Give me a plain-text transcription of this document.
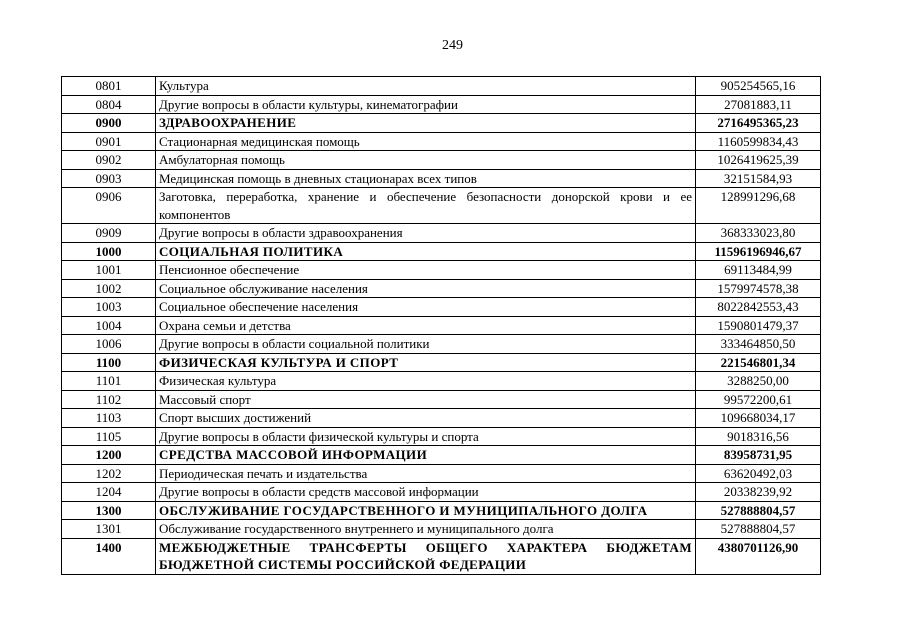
249
0801	Культура	905254565,16
0804	Другие вопросы в области культуры, кинематографии	27081883,11
0900	ЗДРАВООХРАНЕНИЕ	2716495365,23
0901	Стационарная медицинская помощь	1160599834,43
0902	Амбулаторная помощь	1026419625,39
0903	Медицинская помощь в дневных стационарах всех типов	32151584,93
0906	Заготовка, переработка, хранение и обеспечение безопасности донорской крови и ее компонентов	128991296,68
0909	Другие вопросы в области здравоохранения	368333023,80
1000	СОЦИАЛЬНАЯ ПОЛИТИКА	11596196946,67
1001	Пенсионное обеспечение	69113484,99
1002	Социальное обслуживание населения	1579974578,38
1003	Социальное обеспечение населения	8022842553,43
1004	Охрана семьи и детства	1590801479,37
1006	Другие вопросы в области социальной политики	333464850,50
1100	ФИЗИЧЕСКАЯ КУЛЬТУРА И СПОРТ	221546801,34
1101	Физическая культура	3288250,00
1102	Массовый спорт	99572200,61
1103	Спорт высших достижений	109668034,17
1105	Другие вопросы в области физической культуры и спорта	9018316,56
1200	СРЕДСТВА МАССОВОЙ ИНФОРМАЦИИ	83958731,95
1202	Периодическая печать и издательства	63620492,03
1204	Другие вопросы в области средств массовой информации	20338239,92
1300	ОБСЛУЖИВАНИЕ ГОСУДАРСТВЕННОГО И МУНИЦИПАЛЬНОГО ДОЛГА	527888804,57
1301	Обслуживание государственного внутреннего и муниципального долга	527888804,57
1400	МЕЖБЮДЖЕТНЫЕ ТРАНСФЕРТЫ ОБЩЕГО ХАРАКТЕРА БЮДЖЕТАМ БЮДЖЕТНОЙ СИСТЕМЫ РОССИЙСКОЙ ФЕДЕРАЦИИ	4380701126,90
